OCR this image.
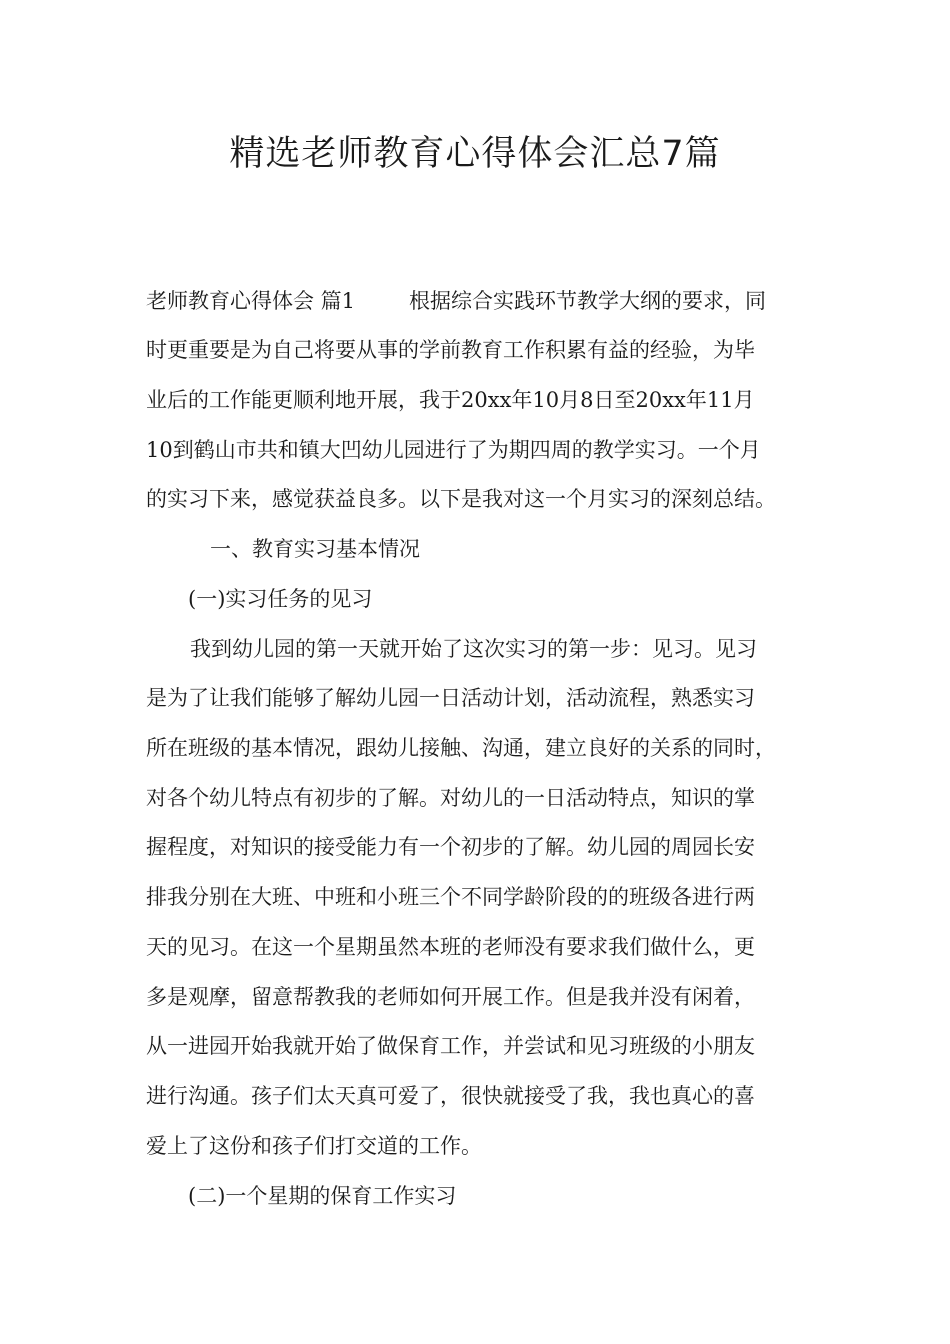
精选老师教育心得体会汇总7篇
老师教育心得体会 篇1	根据综合实践环节教学大纲的要求，同
时更重要是为自己将要从事的学前教育工作积累有益的经验，为毕
业后的工作能更顺利地开展，我于20xx年10月8日至20xx年11月
10到鹤山市共和镇大凹幼儿园进行了为期四周的教学实习。一个月
的实习下来，感觉获益良多。以下是我对这一个月实习的深刻总结。
一、教育实习基本情况
(一)实习任务的见习
我到幼儿园的第一天就开始了这次实习的第一步：见习。见习
是为了让我们能够了解幼儿园一日活动计划，活动流程，熟悉实习
所在班级的基本情况，跟幼儿接触、沟通，建立良好的关系的同时，
对各个幼儿特点有初步的了解。对幼儿的一日活动特点，知识的掌
握程度，对知识的接受能力有一个初步的了解。幼儿园的周园长安
排我分别在大班、中班和小班三个不同学龄阶段的的班级各进行两
天的见习。在这一个星期虽然本班的老师没有要求我们做什么，更
多是观摩，留意帮教我的老师如何开展工作。但是我并没有闲着，
从一进园开始我就开始了做保育工作，并尝试和见习班级的小朋友
进行沟通。孩子们太天真可爱了，很快就接受了我，我也真心的喜
爱上了这份和孩子们打交道的工作。
(二)一个星期的保育工作实习
